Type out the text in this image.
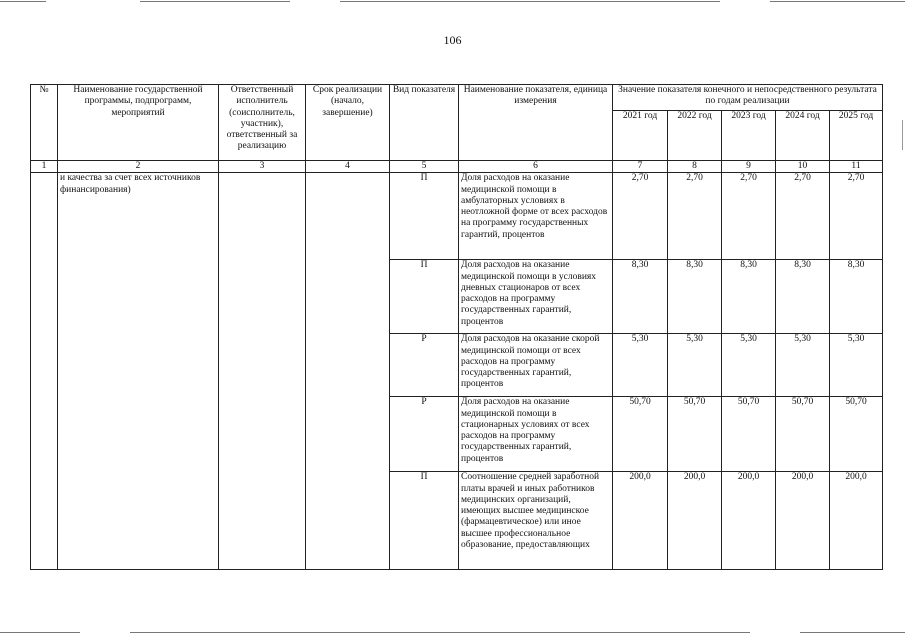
106
№	Наименование государственной программы, подпрограмм, мероприятий	Ответственный исполнитель (соисполнитель, участник), ответственный за реализацию	Срок реализации (начало, завершение)	Вид показателя	Наименование показателя, единица измерения	Значение показателя конечного и непосредственного результата по годам реализации				
						2021 год	2022 год	2023 год	2024 год	2025 год
1	2	3	4	5	6	7	8	9	10	11
	и качества за счет всех источников финансирования)			П	Доля расходов на оказание медицинской помощи в амбулаторных условиях в неотложной форме от всех расходов на программу государственных гарантий, процентов	2,70	2,70	2,70	2,70	2,70
				П	Доля расходов на оказание медицинской помощи в условиях дневных стационаров от всех расходов на программу государственных гарантий, процентов	8,30	8,30	8,30	8,30	8,30
				Р	Доля расходов на оказание скорой медицинской помощи от всех расходов на программу государственных гарантий, процентов	5,30	5,30	5,30	5,30	5,30
				Р	Доля расходов на оказание медицинской помощи в стационарных условиях от всех расходов на программу государственных гарантий, процентов	50,70	50,70	50,70	50,70	50,70
				П	Соотношение средней заработной платы врачей и иных работников медицинских организаций, имеющих высшее медицинское (фармацевтическое) или иное высшее профессиональное образование, предоставляющих	200,0	200,0	200,0	200,0	200,0
